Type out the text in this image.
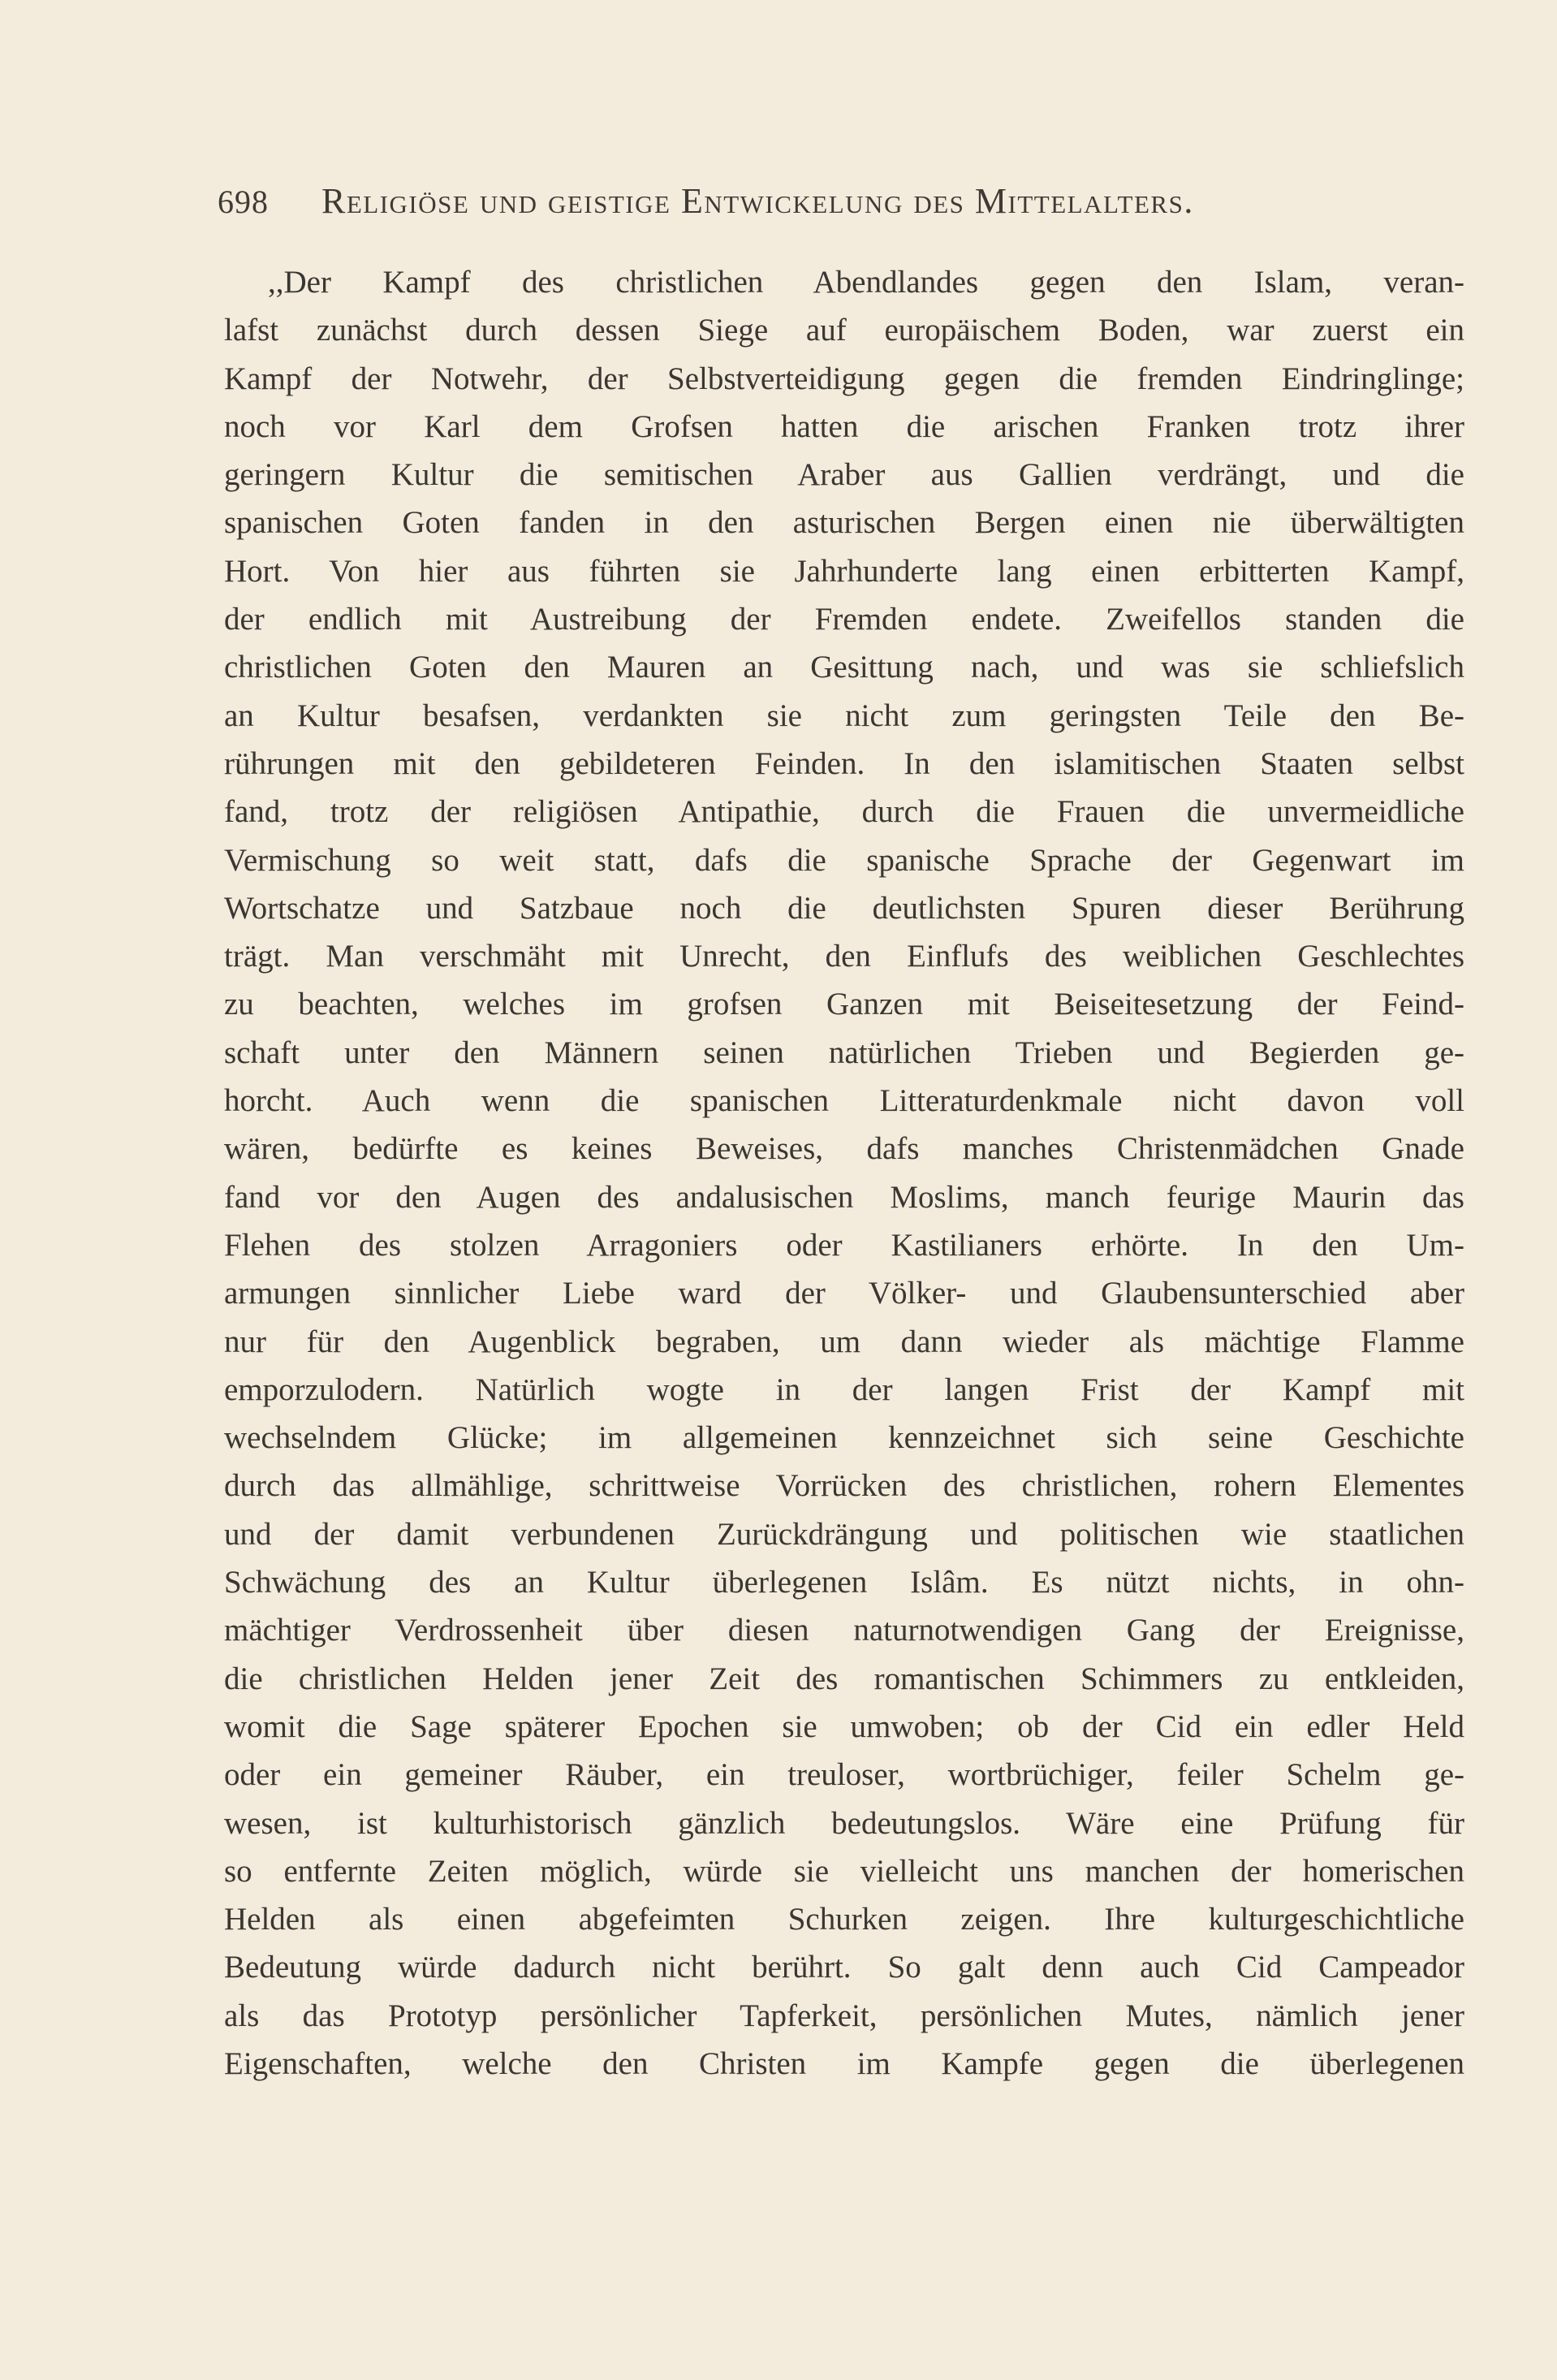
698	Religiöse und geistige Entwickelung des Mittelalters.
,,Der Kampf des christlichen Abendlandes gegen den Islam, veran-
lafst zunächst durch dessen Siege auf europäischem Boden, war zuerst ein
Kampf der Notwehr, der Selbstverteidigung gegen die fremden Eindringlinge;
noch vor Karl dem Grofsen hatten die arischen Franken trotz ihrer
geringern Kultur die semitischen Araber aus Gallien verdrängt, und die
spanischen Goten fanden in den asturischen Bergen einen nie überwältigten
Hort. Von hier aus führten sie Jahrhunderte lang einen erbitterten Kampf,
der endlich mit Austreibung der Fremden endete. Zweifellos standen die
christlichen Goten den Mauren an Gesittung nach, und was sie schliefslich
an Kultur besafsen, verdankten sie nicht zum geringsten Teile den Be-
rührungen mit den gebildeteren Feinden. In den islamitischen Staaten selbst
fand, trotz der religiösen Antipathie, durch die Frauen die unvermeidliche
Vermischung so weit statt, dafs die spanische Sprache der Gegenwart im
Wortschatze und Satzbaue noch die deutlichsten Spuren dieser Berührung
trägt. Man verschmäht mit Unrecht, den Einflufs des weiblichen Geschlechtes
zu beachten, welches im grofsen Ganzen mit Beiseitesetzung der Feind-
schaft unter den Männern seinen natürlichen Trieben und Begierden ge-
horcht. Auch wenn die spanischen Litteraturdenkmale nicht davon voll
wären, bedürfte es keines Beweises, dafs manches Christenmädchen Gnade
fand vor den Augen des andalusischen Moslims, manch feurige Maurin das
Flehen des stolzen Arragoniers oder Kastilianers erhörte. In den Um-
armungen sinnlicher Liebe ward der Völker- und Glaubensunterschied aber
nur für den Augenblick begraben, um dann wieder als mächtige Flamme
emporzulodern. Natürlich wogte in der langen Frist der Kampf mit
wechselndem Glücke; im allgemeinen kennzeichnet sich seine Geschichte
durch das allmählige, schrittweise Vorrücken des christlichen, rohern Elementes
und der damit verbundenen Zurückdrängung und politischen wie staatlichen
Schwächung des an Kultur überlegenen Islâm. Es nützt nichts, in ohn-
mächtiger Verdrossenheit über diesen naturnotwendigen Gang der Ereignisse,
die christlichen Helden jener Zeit des romantischen Schimmers zu entkleiden,
womit die Sage späterer Epochen sie umwoben; ob der Cid ein edler Held
oder ein gemeiner Räuber, ein treuloser, wortbrüchiger, feiler Schelm ge-
wesen, ist kulturhistorisch gänzlich bedeutungslos. Wäre eine Prüfung für
so entfernte Zeiten möglich, würde sie vielleicht uns manchen der homerischen
Helden als einen abgefeimten Schurken zeigen. Ihre kulturgeschichtliche
Bedeutung würde dadurch nicht berührt. So galt denn auch Cid Campeador
als das Prototyp persönlicher Tapferkeit, persönlichen Mutes, nämlich jener
Eigenschaften, welche den Christen im Kampfe gegen die überlegenen
